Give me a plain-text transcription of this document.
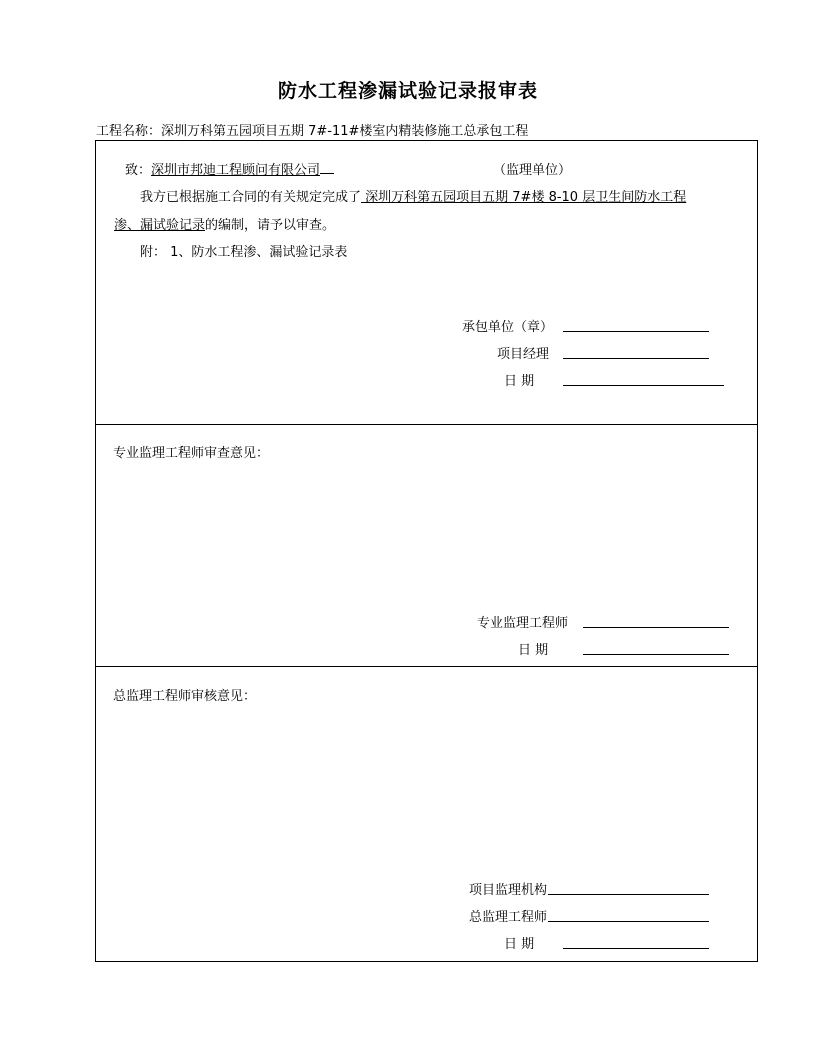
防水工程渗漏试验记录报审表
工程名称：深圳万科第五园项目五期 7#-11#楼室内精装修施工总承包工程
致：深圳市邦迪工程顾问有限公司	（监理单位）
我方已根据施工合同的有关规定完成了 深圳万科第五园项目五期 7#楼 8-10 层卫生间防水工程
渗、漏试验记录的编制，请予以审查。
附： 1、防水工程渗、漏试验记录表
承包单位（章）
项目经理
日 期
专业监理工程师审查意见：
专业监理工程师
日 期
总监理工程师审核意见：
项目监理机构
总监理工程师
日 期
